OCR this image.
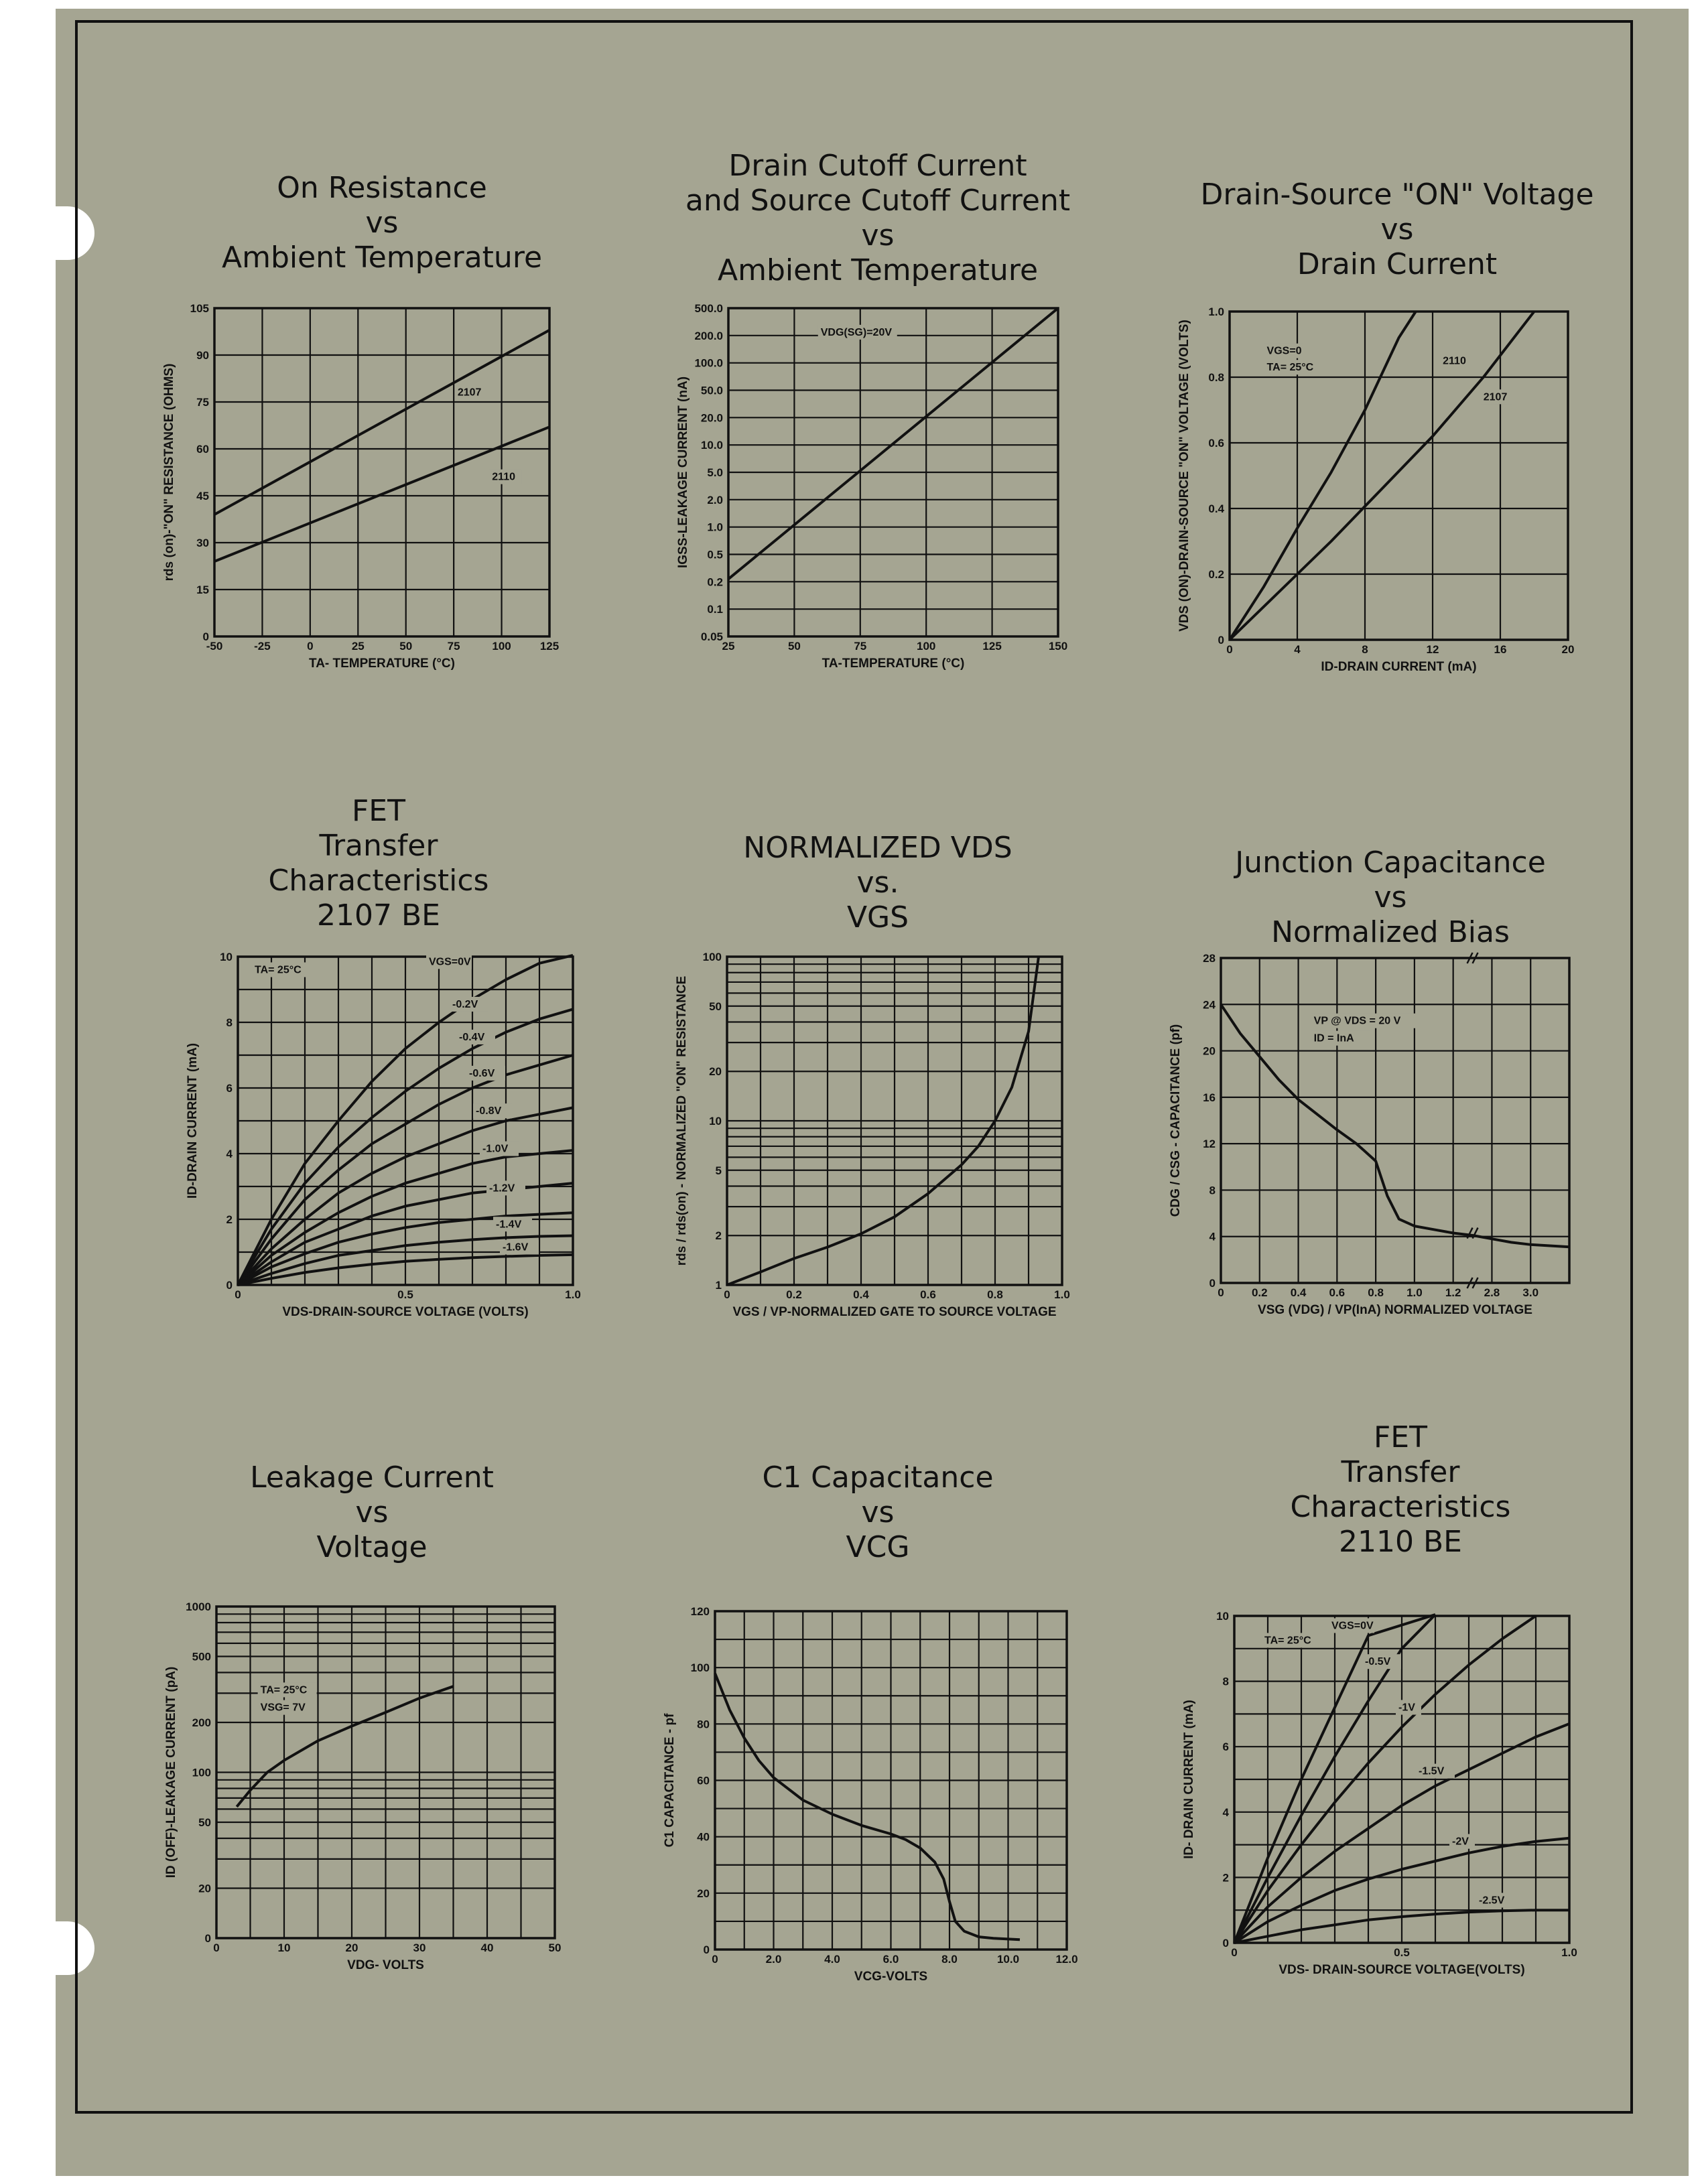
On Resistance
vs
Ambient Temperature
-50	-25	0	25	50	75	100	125
0
15
30
45
60
75
90
105
TA- TEMPERATURE (°C)
rds (on)-"ON" RESISTANCE (OHMS)	2107
2110
Drain Cutoff Current
and Source Cutoff Current
vs
Ambient Temperature
25	50	75	100	125	150
0.05
0.1
0.2
0.5
1.0
2.0
5.0
10.0
20.0
50.0
100.0
200.0
500.0
TA-TEMPERATURE (°C)
IGSS-LEAKAGE CURRENT (nA)
VDG(SG)=20V
Drain-Source "ON" Voltage
vs
Drain Current
0	4	8	12	16	20
0
0.2
0.4
0.6
0.8
1.0
ID-DRAIN CURRENT (mA)
VDS (ON)-DRAIN-SOURCE "ON" VOLTAGE (VOLTS)	2110
2107
VGS=0
TA= 25°C
FET
Transfer
Characteristics
2107 BE
0	0.5	1.0
0
2
4
6
8
10
VDS-DRAIN-SOURCE VOLTAGE (VOLTS)
ID-DRAIN CURRENT (mA)
VGS=0V
-0.2V
-0.4V
-0.6V
-0.8V
-1.0V
-1.2V
-1.4V
-1.6V
TA= 25°C
NORMALIZED VDS
vs.
VGS
0	0.2	0.4	0.6	0.8	1.0
1
2
5
10
20
50
100
VGS / VP-NORMALIZED GATE TO SOURCE VOLTAGE
rds / rds(on) - NORMALIZED "ON" RESISTANCE
Junction Capacitance
vs
Normalized Bias
0 0.2 0.4 0.6 0.8 1.0 1.2 2.8 3.0
0
4
8
12
16
20
24
28
VSG (VDG) / VP(InA) NORMALIZED VOLTAGE
CDG / CSG - CAPACITANCE (pf)
VP @ VDS = 20 V
ID = InA
Leakage Current
vs
Voltage
0	10	20	30	40	50
0
20
50
100
200
500
1000
VDG- VOLTS
ID (OFF)-LEAKAGE CURRENT (pA)	TA= 25°C
VSG= 7V
C1 Capacitance
vs
VCG
0	2.0	4.0	6.0	8.0	10.0	12.0
0
20
40
60
80
100
120
VCG-VOLTS
C1 CAPACITANCE - pf
FET
Transfer
Characteristics
2110 BE
0	0.5	1.0
0
2
4
6
8
10
VDS- DRAIN-SOURCE VOLTAGE(VOLTS)
ID- DRAIN CURRENT (mA)
VGS=0V
-0.5V
-1V
-1.5V
-2V
-2.5V
TA= 25°C
